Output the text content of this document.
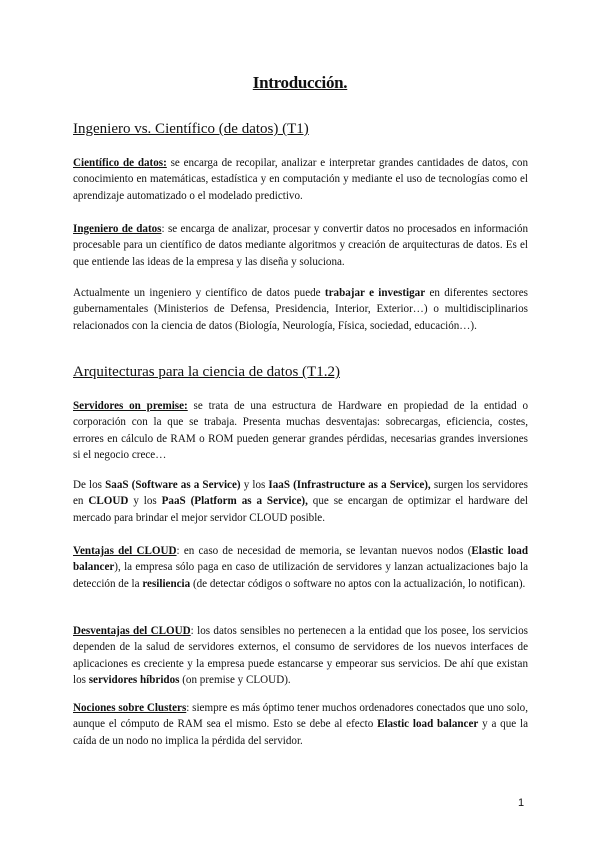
Introducción.
Ingeniero vs. Científico (de datos) (T1)
Científico de datos: se encarga de recopilar, analizar e interpretar grandes cantidades de datos, con conocimiento en matemáticas, estadística y en computación y mediante el uso de tecnologías como el aprendizaje automatizado o el modelado predictivo.
Ingeniero de datos: se encarga de analizar, procesar y convertir datos no procesados en información procesable para un científico de datos mediante algoritmos y creación de arquitecturas de datos. Es el que entiende las ideas de la empresa y las diseña y soluciona.
Actualmente un ingeniero y científico de datos puede trabajar e investigar en diferentes sectores gubernamentales (Ministerios de Defensa, Presidencia, Interior, Exterior…) o multidisciplinarios relacionados con la ciencia de datos (Biología, Neurología, Física, sociedad, educación…).
Arquitecturas para la ciencia de datos (T1.2)
Servidores on premise: se trata de una estructura de Hardware en propiedad de la entidad o corporación con la que se trabaja. Presenta muchas desventajas: sobrecargas, eficiencia, costes, errores en cálculo de RAM o ROM pueden generar grandes pérdidas, necesarias grandes inversiones si el negocio crece…
De los SaaS (Software as a Service) y los IaaS (Infrastructure as a Service), surgen los servidores en CLOUD y los PaaS (Platform as a Service), que se encargan de optimizar el hardware del mercado para brindar el mejor servidor CLOUD posible.
Ventajas del CLOUD: en caso de necesidad de memoria, se levantan nuevos nodos (Elastic load balancer), la empresa sólo paga en caso de utilización de servidores y lanzan actualizaciones bajo la detección de la resiliencia (de detectar códigos o software no aptos con la actualización, lo notifican).
Desventajas del CLOUD: los datos sensibles no pertenecen a la entidad que los posee, los servicios dependen de la salud de servidores externos, el consumo de servidores de los nuevos interfaces de aplicaciones es creciente y la empresa puede estancarse y empeorar sus servicios. De ahí que existan los servidores híbridos (on premise y CLOUD).
Nociones sobre Clusters: siempre es más óptimo tener muchos ordenadores conectados que uno solo, aunque el cómputo de RAM sea el mismo. Esto se debe al efecto Elastic load balancer y a que la caída de un nodo no implica la pérdida del servidor.
1
